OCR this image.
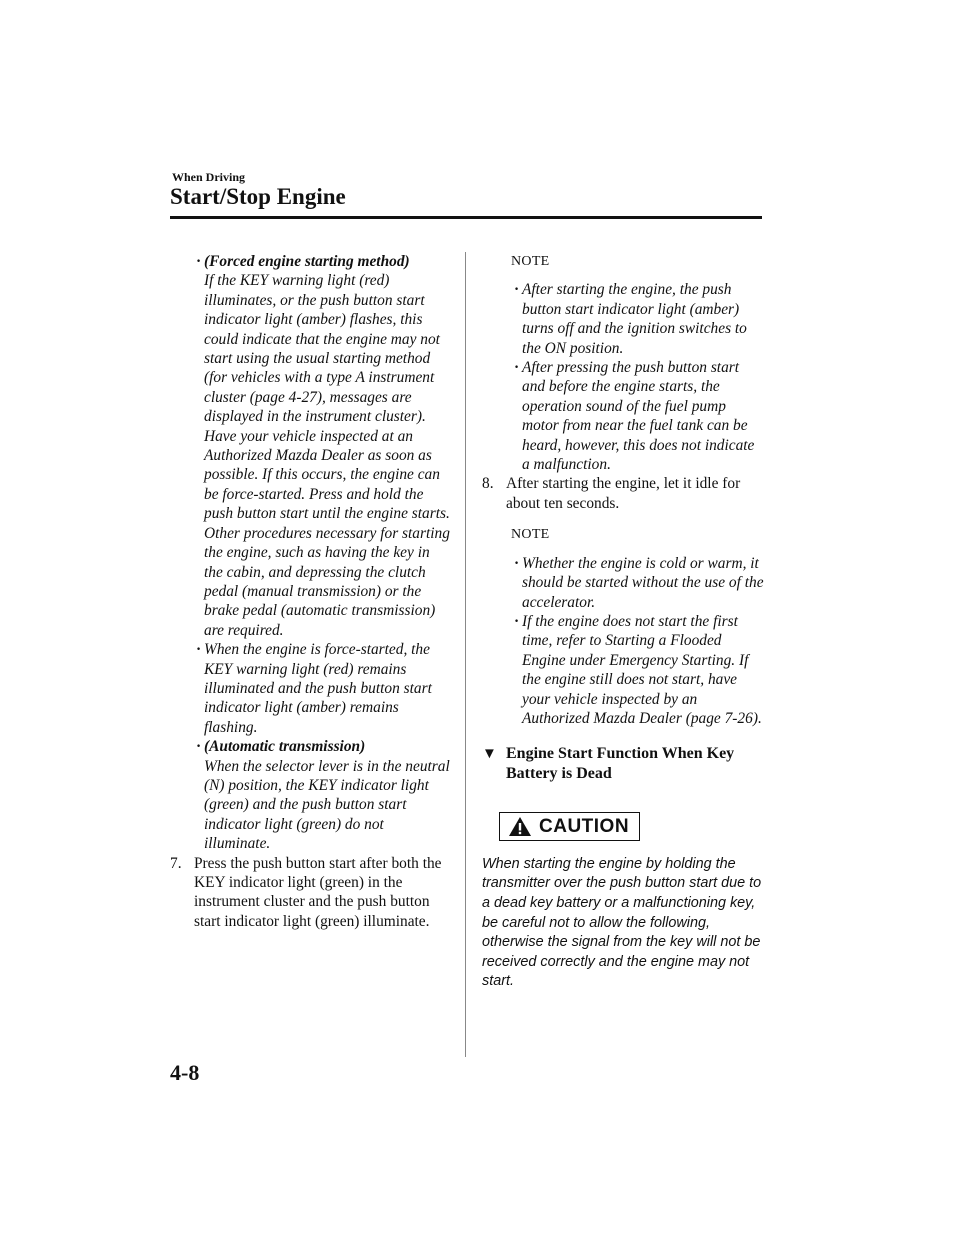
When Driving
Start/Stop Engine
· (Forced engine starting method)
If the KEY warning light (red) illuminates, or the push button start indicator light (amber) flashes, this could indicate that the engine may not start using the usual starting method (for vehicles with a type A instrument cluster (page 4-27), messages are displayed in the instrument cluster). Have your vehicle inspected at an Authorized Mazda Dealer as soon as possible. If this occurs, the engine can be force-started. Press and hold the push button start until the engine starts. Other procedures necessary for starting the engine, such as having the key in the cabin, and depressing the clutch pedal (manual transmission) or the brake pedal (automatic transmission) are required.
· When the engine is force-started, the KEY warning light (red) remains illuminated and the push button start indicator light (amber) remains flashing.
· (Automatic transmission)
When the selector lever is in the neutral (N) position, the KEY indicator light (green) and the push button start indicator light (green) do not illuminate.
7. Press the push button start after both the KEY indicator light (green) in the instrument cluster and the push button start indicator light (green) illuminate.
NOTE
· After starting the engine, the push button start indicator light (amber) turns off and the ignition switches to the ON position.
· After pressing the push button start and before the engine starts, the operation sound of the fuel pump motor from near the fuel tank can be heard, however, this does not indicate a malfunction.
8. After starting the engine, let it idle for about ten seconds.
NOTE
· Whether the engine is cold or warm, it should be started without the use of the accelerator.
· If the engine does not start the first time, refer to Starting a Flooded Engine under Emergency Starting. If the engine still does not start, have your vehicle inspected by an Authorized Mazda Dealer (page 7-26).
▼ Engine Start Function When Key Battery is Dead
CAUTION
When starting the engine by holding the transmitter over the push button start due to a dead key battery or a malfunctioning key, be careful not to allow the following, otherwise the signal from the key will not be received correctly and the engine may not start.
4-8
